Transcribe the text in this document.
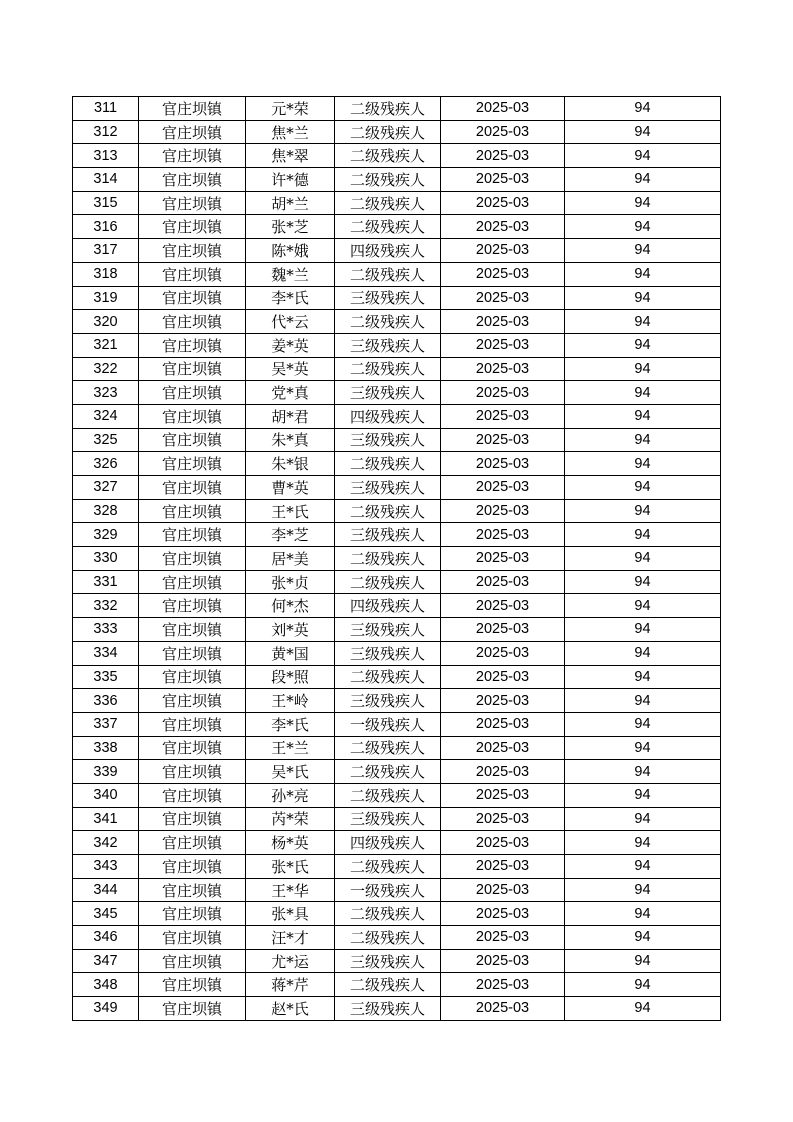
311	官庄坝镇	元*荣	二级残疾人	2025-03	94
312	官庄坝镇	焦*兰	二级残疾人	2025-03	94
313	官庄坝镇	焦*翠	二级残疾人	2025-03	94
314	官庄坝镇	许*德	二级残疾人	2025-03	94
315	官庄坝镇	胡*兰	二级残疾人	2025-03	94
316	官庄坝镇	张*芝	二级残疾人	2025-03	94
317	官庄坝镇	陈*娥	四级残疾人	2025-03	94
318	官庄坝镇	魏*兰	二级残疾人	2025-03	94
319	官庄坝镇	李*氏	三级残疾人	2025-03	94
320	官庄坝镇	代*云	二级残疾人	2025-03	94
321	官庄坝镇	姜*英	三级残疾人	2025-03	94
322	官庄坝镇	吴*英	二级残疾人	2025-03	94
323	官庄坝镇	党*真	三级残疾人	2025-03	94
324	官庄坝镇	胡*君	四级残疾人	2025-03	94
325	官庄坝镇	朱*真	三级残疾人	2025-03	94
326	官庄坝镇	朱*银	二级残疾人	2025-03	94
327	官庄坝镇	曹*英	三级残疾人	2025-03	94
328	官庄坝镇	王*氏	二级残疾人	2025-03	94
329	官庄坝镇	李*芝	三级残疾人	2025-03	94
330	官庄坝镇	居*美	二级残疾人	2025-03	94
331	官庄坝镇	张*贞	二级残疾人	2025-03	94
332	官庄坝镇	何*杰	四级残疾人	2025-03	94
333	官庄坝镇	刘*英	三级残疾人	2025-03	94
334	官庄坝镇	黄*国	三级残疾人	2025-03	94
335	官庄坝镇	段*照	二级残疾人	2025-03	94
336	官庄坝镇	王*岭	三级残疾人	2025-03	94
337	官庄坝镇	李*氏	一级残疾人	2025-03	94
338	官庄坝镇	王*兰	二级残疾人	2025-03	94
339	官庄坝镇	吴*氏	二级残疾人	2025-03	94
340	官庄坝镇	孙*亮	二级残疾人	2025-03	94
341	官庄坝镇	芮*荣	三级残疾人	2025-03	94
342	官庄坝镇	杨*英	四级残疾人	2025-03	94
343	官庄坝镇	张*氏	二级残疾人	2025-03	94
344	官庄坝镇	王*华	一级残疾人	2025-03	94
345	官庄坝镇	张*具	二级残疾人	2025-03	94
346	官庄坝镇	汪*才	二级残疾人	2025-03	94
347	官庄坝镇	尤*运	三级残疾人	2025-03	94
348	官庄坝镇	蒋*芹	二级残疾人	2025-03	94
349	官庄坝镇	赵*氏	三级残疾人	2025-03	94
